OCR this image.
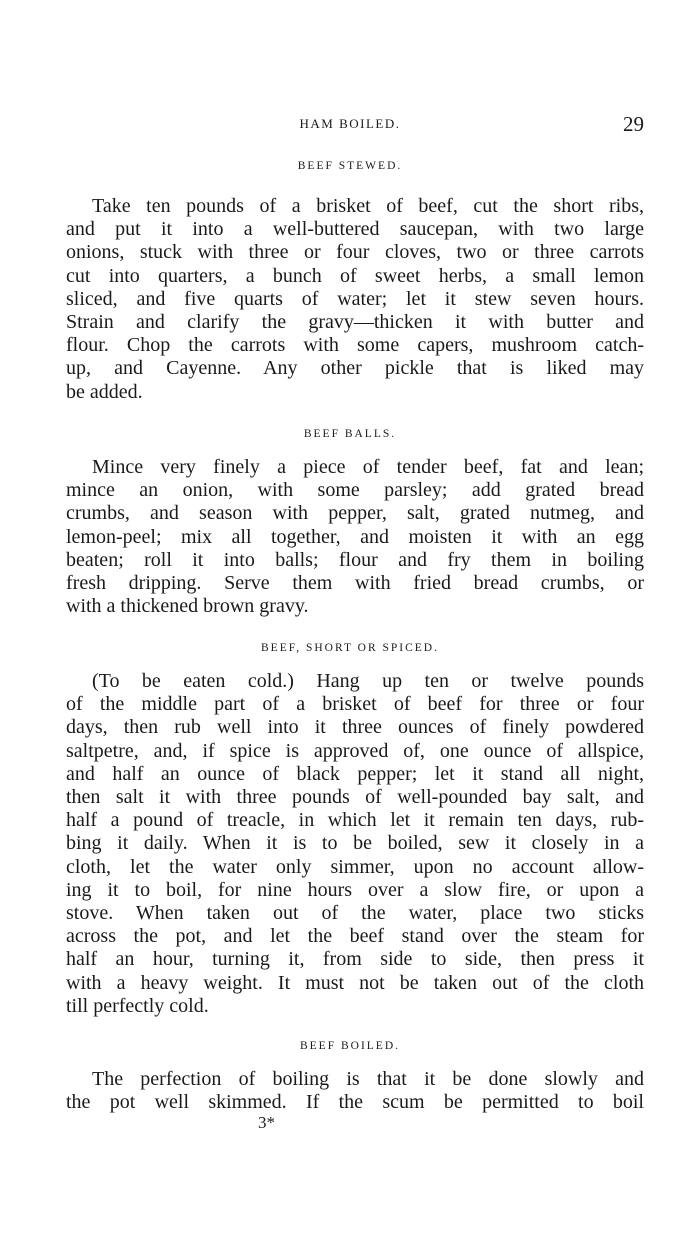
HAM BOILED.	29
BEEF STEWED.
Take ten pounds of a brisket of beef, cut the short ribs,
and put it into a well-buttered saucepan, with two large
onions, stuck with three or four cloves, two or three carrots
cut into quarters, a bunch of sweet herbs, a small lemon
sliced, and five quarts of water; let it stew seven hours.
Strain and clarify the gravy—thicken it with butter and
flour. Chop the carrots with some capers, mushroom catch-
up, and Cayenne. Any other pickle that is liked may
be added.
BEEF BALLS.
Mince very finely a piece of tender beef, fat and lean;
mince an onion, with some parsley; add grated bread
crumbs, and season with pepper, salt, grated nutmeg, and
lemon-peel; mix all together, and moisten it with an egg
beaten; roll it into balls; flour and fry them in boiling
fresh dripping. Serve them with fried bread crumbs, or
with a thickened brown gravy.
BEEF, SHORT OR SPICED.
(To be eaten cold.) Hang up ten or twelve pounds
of the middle part of a brisket of beef for three or four
days, then rub well into it three ounces of finely powdered
saltpetre, and, if spice is approved of, one ounce of allspice,
and half an ounce of black pepper; let it stand all night,
then salt it with three pounds of well-pounded bay salt, and
half a pound of treacle, in which let it remain ten days, rub-
bing it daily. When it is to be boiled, sew it closely in a
cloth, let the water only simmer, upon no account allow-
ing it to boil, for nine hours over a slow fire, or upon a
stove. When taken out of the water, place two sticks
across the pot, and let the beef stand over the steam for
half an hour, turning it, from side to side, then press it
with a heavy weight. It must not be taken out of the cloth
till perfectly cold.
BEEF BOILED.
The perfection of boiling is that it be done slowly and
the pot well skimmed. If the scum be permitted to boil
3*
